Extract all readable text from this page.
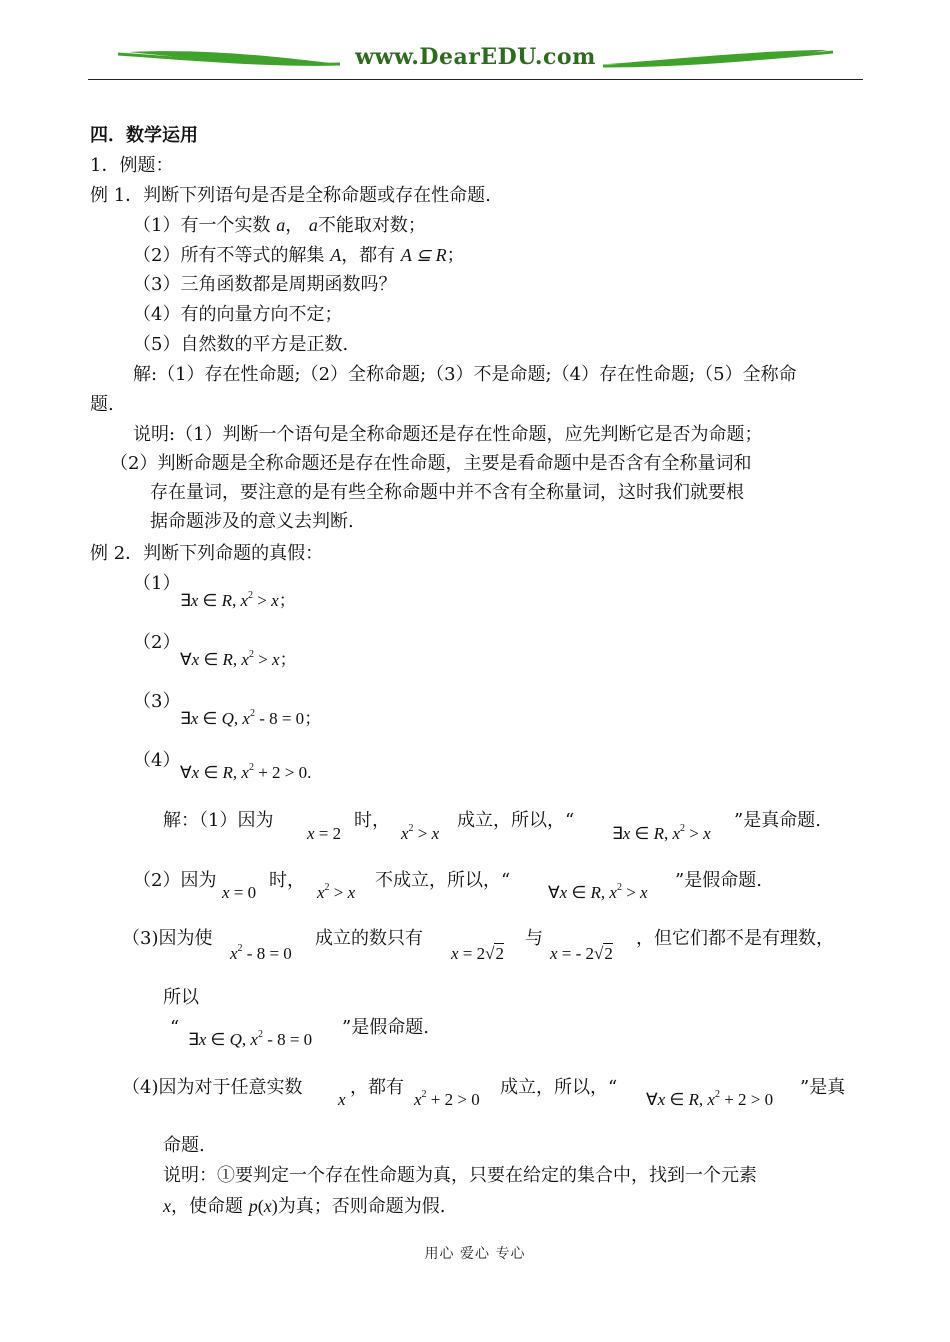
www.DearEDU.com
四．数学运用
1．例题：
例 1．判断下列语句是否是全称命题或存在性命题.
（1）有一个实数 a， a不能取对数；
（2）所有不等式的解集 A，都有 A ⊆ R；
（3）三角函数都是周期函数吗？
（4）有的向量方向不定；
（5）自然数的平方是正数.
解:（1）存在性命题;（2）全称命题;（3）不是命题;（4）存在性命题;（5）全称命
题.
说明:（1）判断一个语句是全称命题还是存在性命题，应先判断它是否为命题；
（2）判断命题是全称命题还是存在性命题，主要是看命题中是否含有全称量词和
存在量词，要注意的是有些全称命题中并不含有全称量词，这时我们就要根
据命题涉及的意义去判断.
例 2．判断下列命题的真假：
（1）
∃x ∈ R, $x^2 > x$；
（2）
∀x ∈ R, $x^2 > x$；
（3）
∃x ∈ Q, $x^2 - 8 = 0$；
（4）
∀x ∈ R, $x^2 + 2 > 0$.
解：（1）因为
x = 2
时，
$x^2 > x$
成立，所以，“
∃x ∈ R, $x^2 > x$
”是真命题.
（2）因为
x = 0
时，
$x^2 > x$
不成立，所以，“
∀x ∈ R, $x^2 > x$
”是假命题.
（3)因为使
$x^2 - 8 = 0$
成立的数只有
x = 2√2
与
x = - 2√2
，但它们都不是有理数，
所以
“
∃x ∈ Q, $x^2 - 8 = 0$
”是假命题.
（4)因为对于任意实数
x
，都有
$x^2 + 2 > 0$
成立，所以，“
∀x ∈ R, $x^2 + 2 > 0$
”是真
命题.
说明：①要判定一个存在性命题为真，只要在给定的集合中，找到一个元素
x，使命题 p(x)为真；否则命题为假.
用心 爱心 专心
